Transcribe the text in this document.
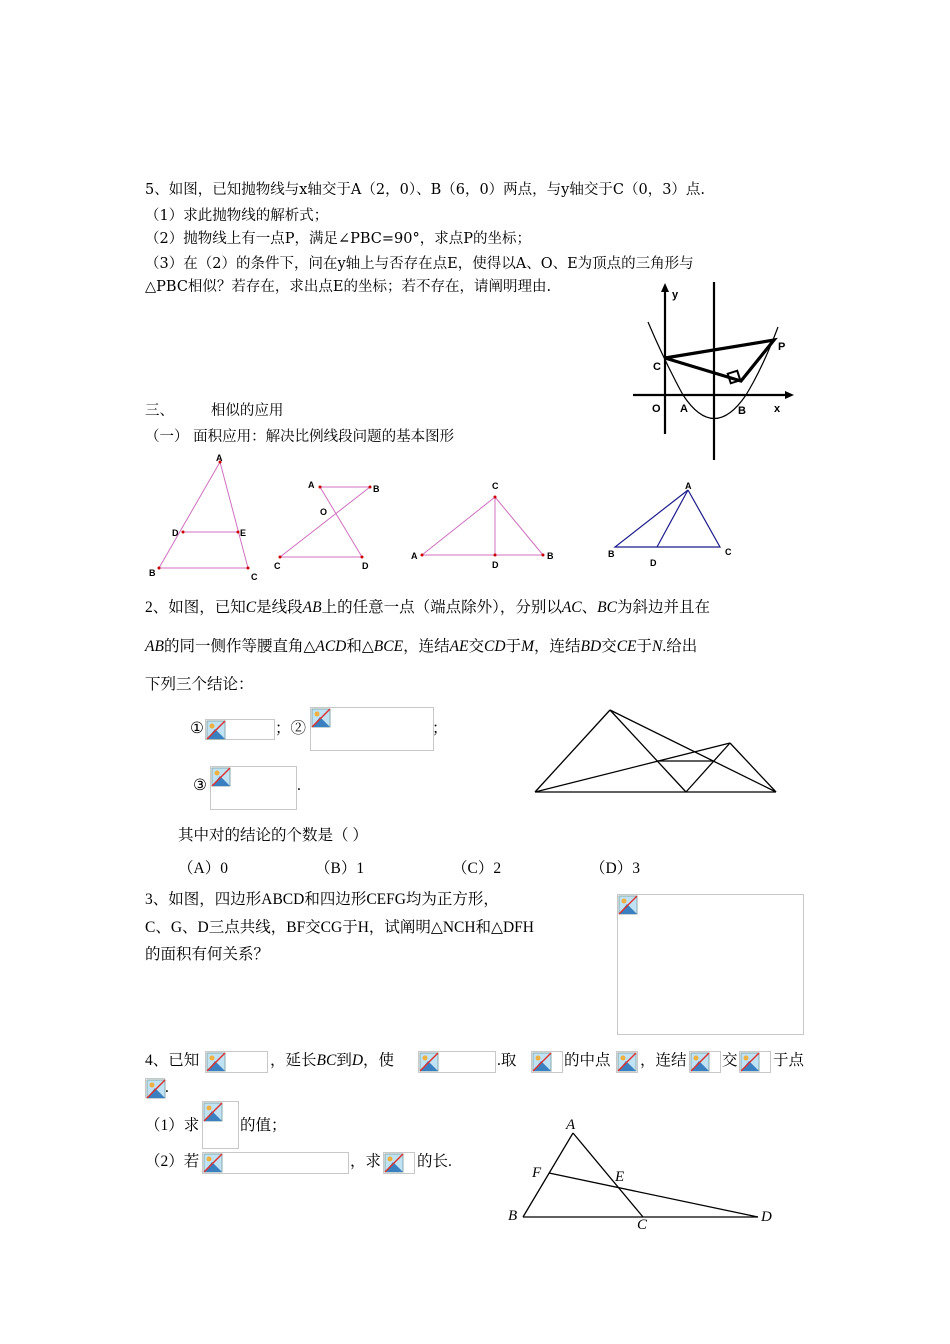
5、如图，已知抛物线与x轴交于A（2，0）、B（6，0）两点，与y轴交于C（0，3）点.
（1）求此抛物线的解析式；
（2）抛物线上有一点P，满足∠PBC=90°，求点P的坐标；
（3）在（2）的条件下，问在y轴上与否存在点E，使得以A、O、E为顶点的三角形与
△PBC相似？若存在，求出点E的坐标；若不存在，请阐明理由.	y
x
C
P
O A	B
三、        相似的应用
（一） 面积应用：解决比例线段问题的基本图形
A
D	E
B	C
A	B
O
C	D
C
A
D
B
A
B
D
C
2、如图，已知C是线段AB上的任意一点（端点除外），分别以AC、BC为斜边并且在
AB的同一侧作等腰直角△ACD和△BCE，连结AE交CD于M，连结BD交CE于N.给出
下列三个结论：
①	；②	；
③	.
其中对的结论的个数是（ ）
（A）0	（B）1	（C）2	（D）3
3、如图，四边形ABCD和四边形CEFG均为正方形，
C、G、D三点共线，BF交CG于H，试阐明△NCH和△DFH
的面积有何关系？
4、已知	，延长BC到D，使	.取	的中点 ，连结 交 于点
.
（1）求	的值；
（2）若	，求 的长.
A
F	E
B
C	D
